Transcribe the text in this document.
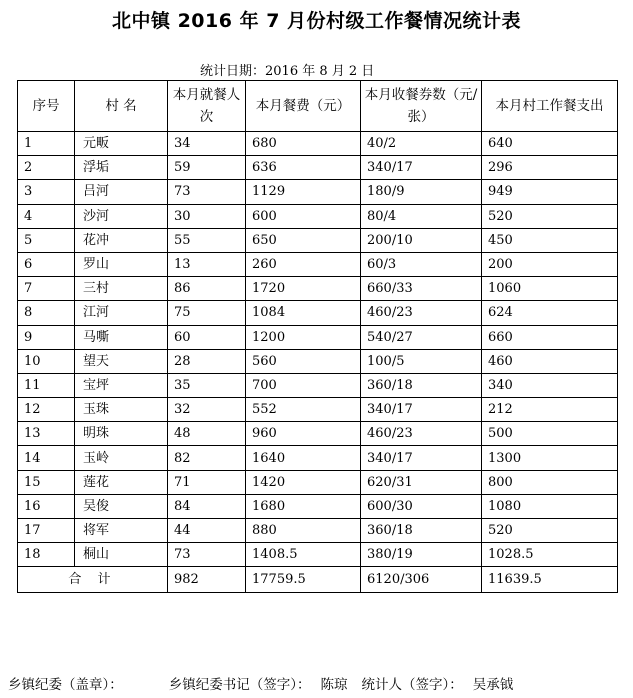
北中镇 2016 年 7 月份村级工作餐情况统计表
统计日期：2016 年 8 月 2 日
序号	村 名	本月就餐人 次	本月餐费（元）	本月收餐券数（元/张）	本月村工作餐支出
1	元畈	34	680	40/2	640
2	浮垢	59	636	340/17	296
3	吕河	73	1129	180/9	949
4	沙河	30	600	80/4	520
5	花冲	55	650	200/10	450
6	罗山	13	260	60/3	200
7	三村	86	1720	660/33	1060
8	江河	75	1084	460/23	624
9	马嘶	60	1200	540/27	660
10	望天	28	560	100/5	460
11	宝坪	35	700	360/18	340
12	玉珠	32	552	340/17	212
13	明珠	48	960	460/23	500
14	玉岭	82	1640	340/17	1300
15	莲花	71	1420	620/31	800
16	吴俊	84	1680	600/30	1080
17	将军	44	880	360/18	520
18	桐山	73	1408.5	380/19	1028.5
合 计		982	17759.5	6120/306	11639.5
乡镇纪委（盖章）：	乡镇纪委书记（签字）： 陈琼 统计人（签字）： 吴承钺
